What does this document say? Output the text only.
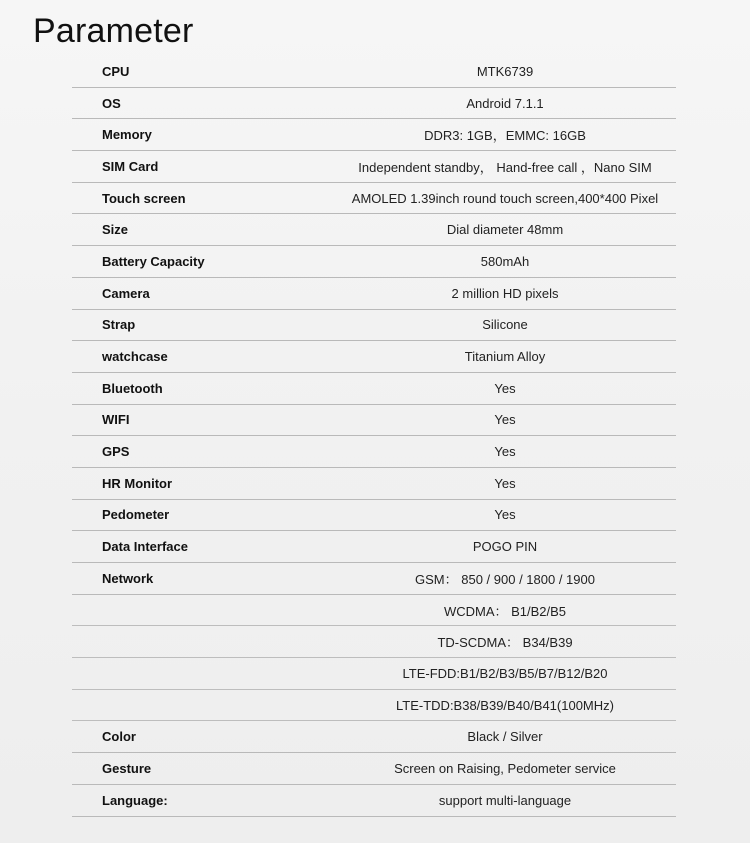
Parameter
CPU	MTK6739
OS	Android 7.1.1
Memory	DDR3: 1GB，EMMC: 16GB
SIM Card	Independent standby， Hand-free call ，Nano SIM
Touch screen	AMOLED 1.39inch round touch screen,400*400 Pixel
Size	Dial diameter 48mm
Battery Capacity	580mAh
Camera	2 million HD pixels
Strap	Silicone
watchcase	Titanium Alloy
Bluetooth	Yes
WIFI	Yes
GPS	Yes
HR Monitor	Yes
Pedometer	Yes
Data Interface	POGO PIN
Network	GSM： 850 / 900 / 1800 / 1900
WCDMA： B1/B2/B5
TD-SCDMA： B34/B39
LTE-FDD:B1/B2/B3/B5/B7/B12/B20
LTE-TDD:B38/B39/B40/B41(100MHz)
Color	Black / Silver
Gesture	Screen on Raising, Pedometer service
Language:	support multi-language
